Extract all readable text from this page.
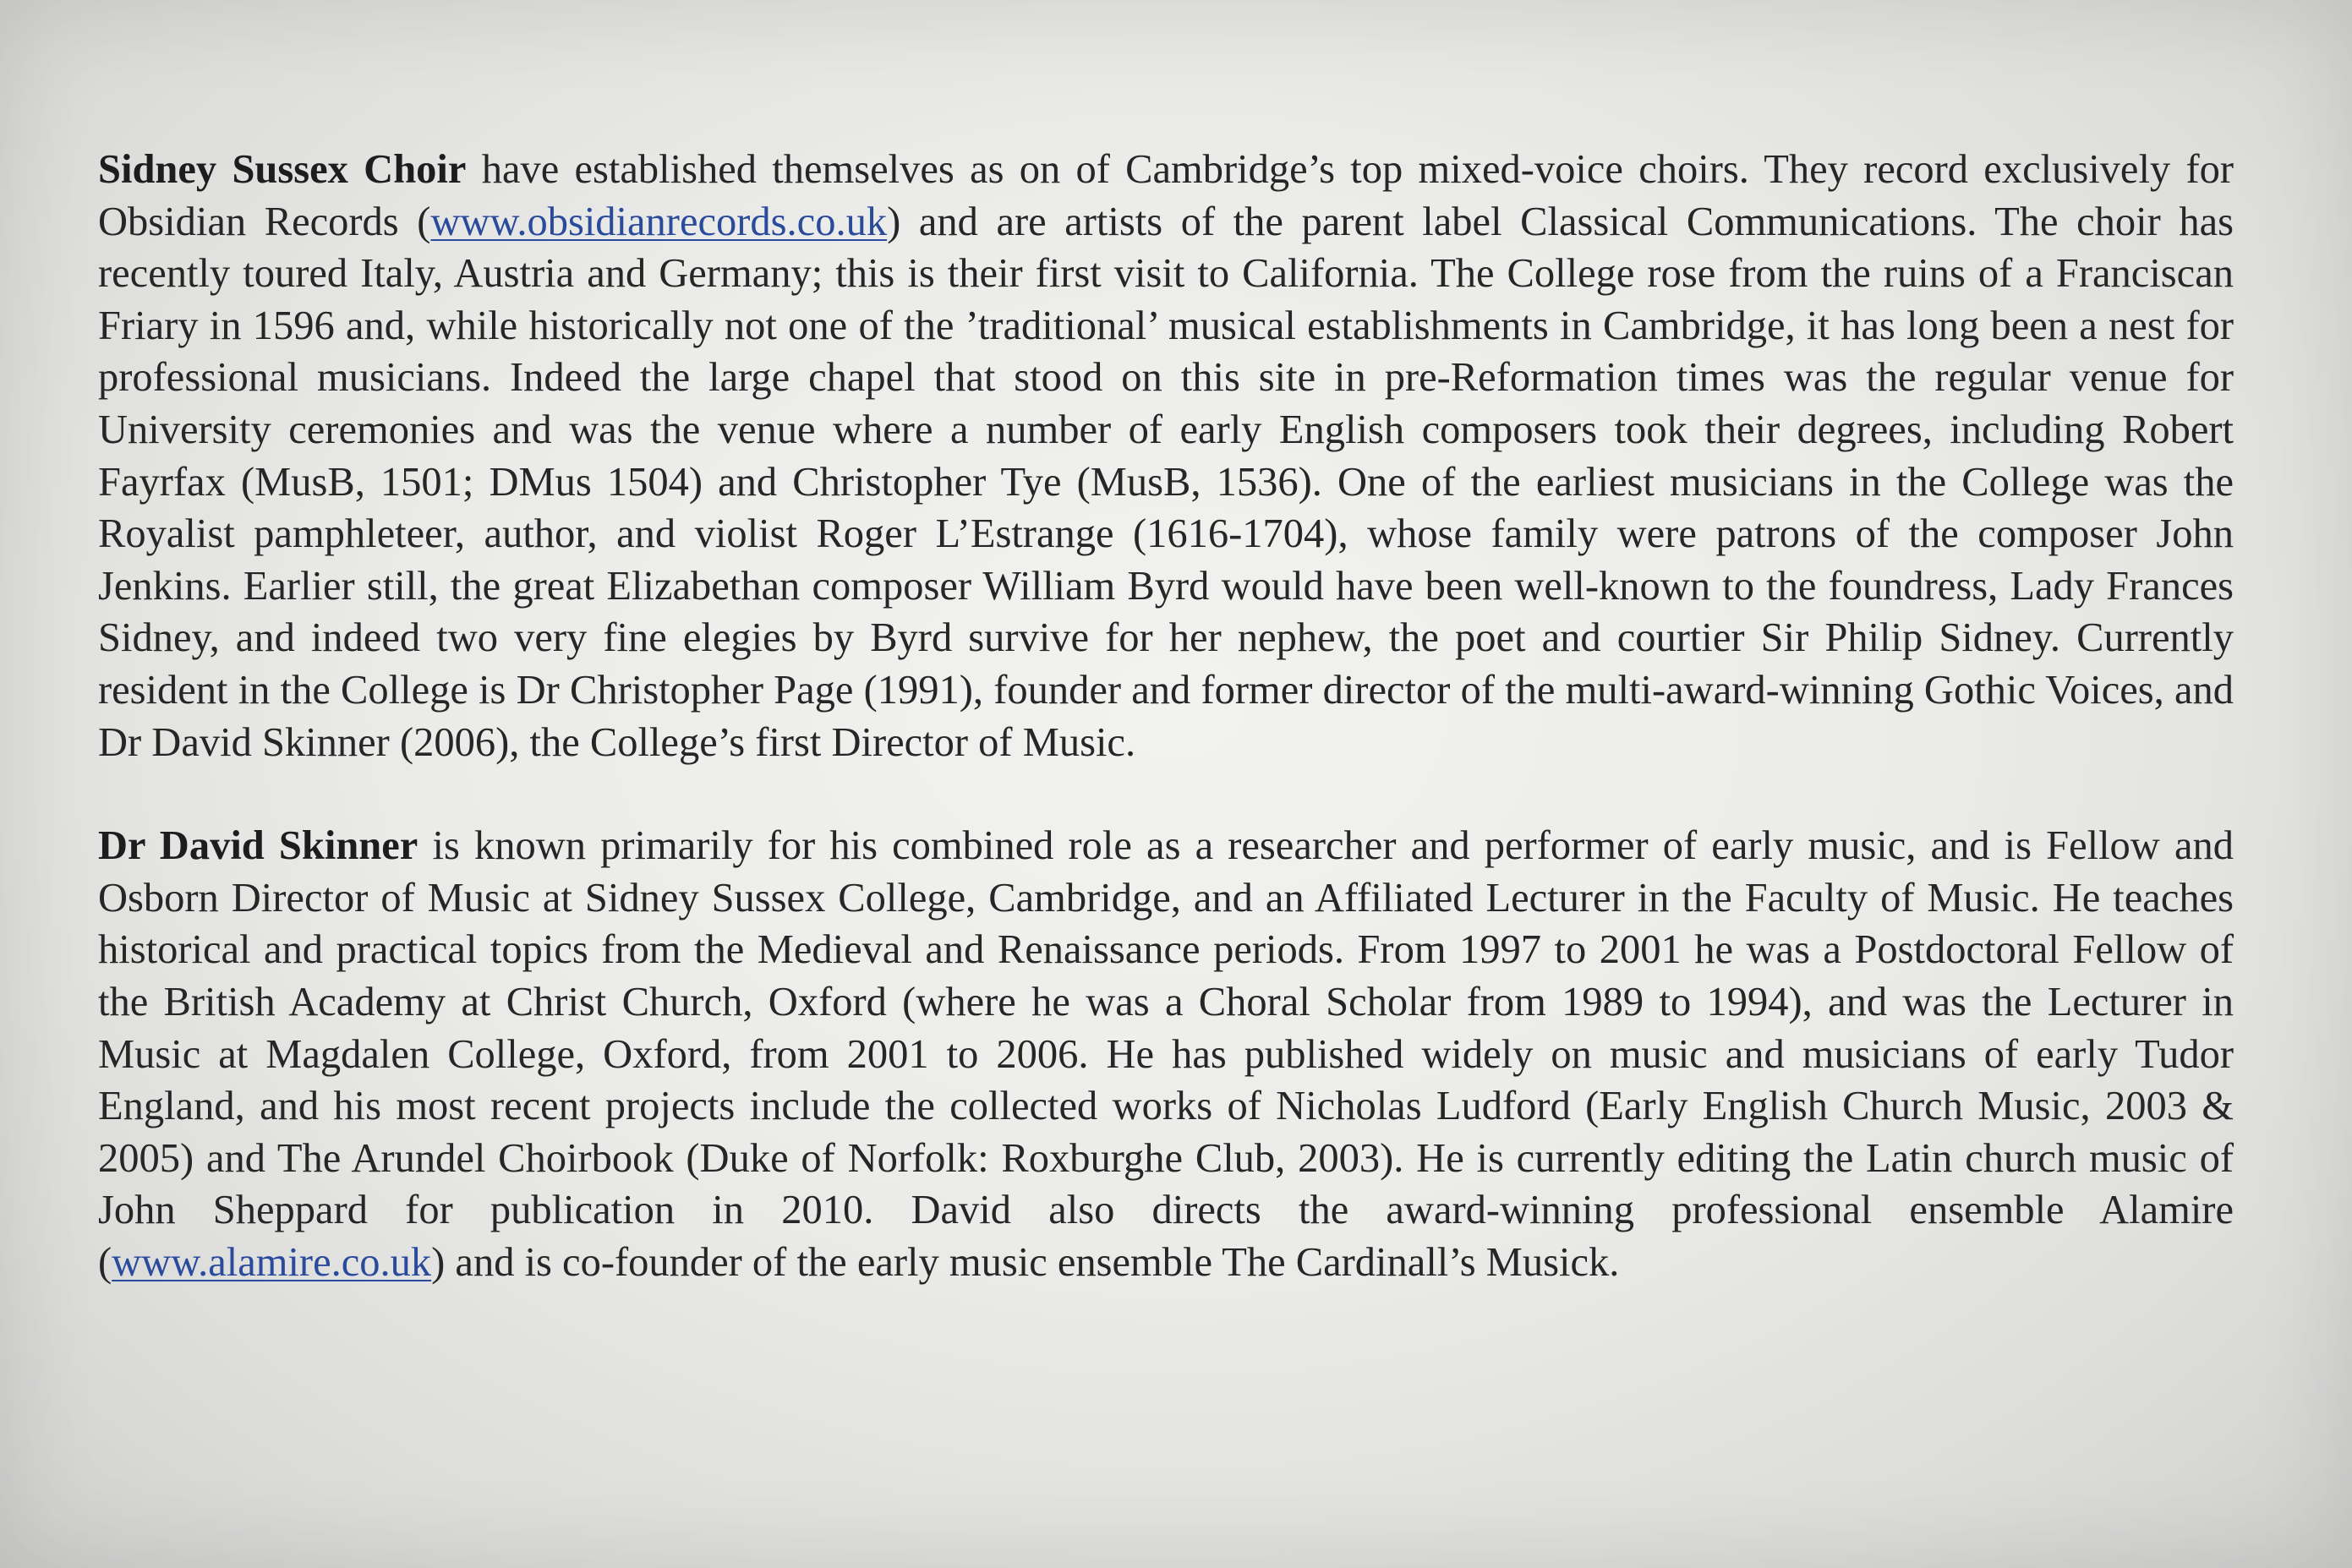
Sidney Sussex Choir have established themselves as on of Cambridge’s top mixed-voice choirs. They record exclusively for Obsidian Records (www.obsidianrecords.co.uk) and are artists of the parent label Classical Communications. The choir has recently toured Italy, Austria and Germany; this is their first visit to California. The College rose from the ruins of a Franciscan Friary in 1596 and, while historically not one of the ’traditional’ musical establishments in Cambridge, it has long been a nest for professional musicians. Indeed the large chapel that stood on this site in pre-Reformation times was the regular venue for University ceremonies and was the venue where a number of early English composers took their degrees, including Robert Fayrfax (MusB, 1501; DMus 1504) and Christopher Tye (MusB, 1536). One of the earliest musicians in the College was the Royalist pamphleteer, author, and violist Roger L’Estrange (1616-1704), whose family were patrons of the composer John Jenkins. Earlier still, the great Elizabethan composer William Byrd would have been well-known to the foundress, Lady Frances Sidney, and indeed two very fine elegies by Byrd survive for her nephew, the poet and courtier Sir Philip Sidney. Currently resident in the College is Dr Christopher Page (1991), founder and former director of the multi-award-winning Gothic Voices, and Dr David Skinner (2006), the College’s first Director of Music.

Dr David Skinner is known primarily for his combined role as a researcher and performer of early music, and is Fellow and Osborn Director of Music at Sidney Sussex College, Cambridge, and an Affiliated Lecturer in the Faculty of Music. He teaches historical and practical topics from the Medieval and Renaissance periods. From 1997 to 2001 he was a Postdoctoral Fellow of the British Academy at Christ Church, Oxford (where he was a Choral Scholar from 1989 to 1994), and was the Lecturer in Music at Magdalen College, Oxford, from 2001 to 2006. He has published widely on music and musicians of early Tudor England, and his most recent projects include the collected works of Nicholas Ludford (Early English Church Music, 2003 & 2005) and The Arundel Choirbook (Duke of Norfolk: Roxburghe Club, 2003). He is currently editing the Latin church music of John Sheppard for publication in 2010. David also directs the award-winning professional ensemble Alamire (www.alamire.co.uk) and is co-founder of the early music ensemble The Cardinall’s Musick.
